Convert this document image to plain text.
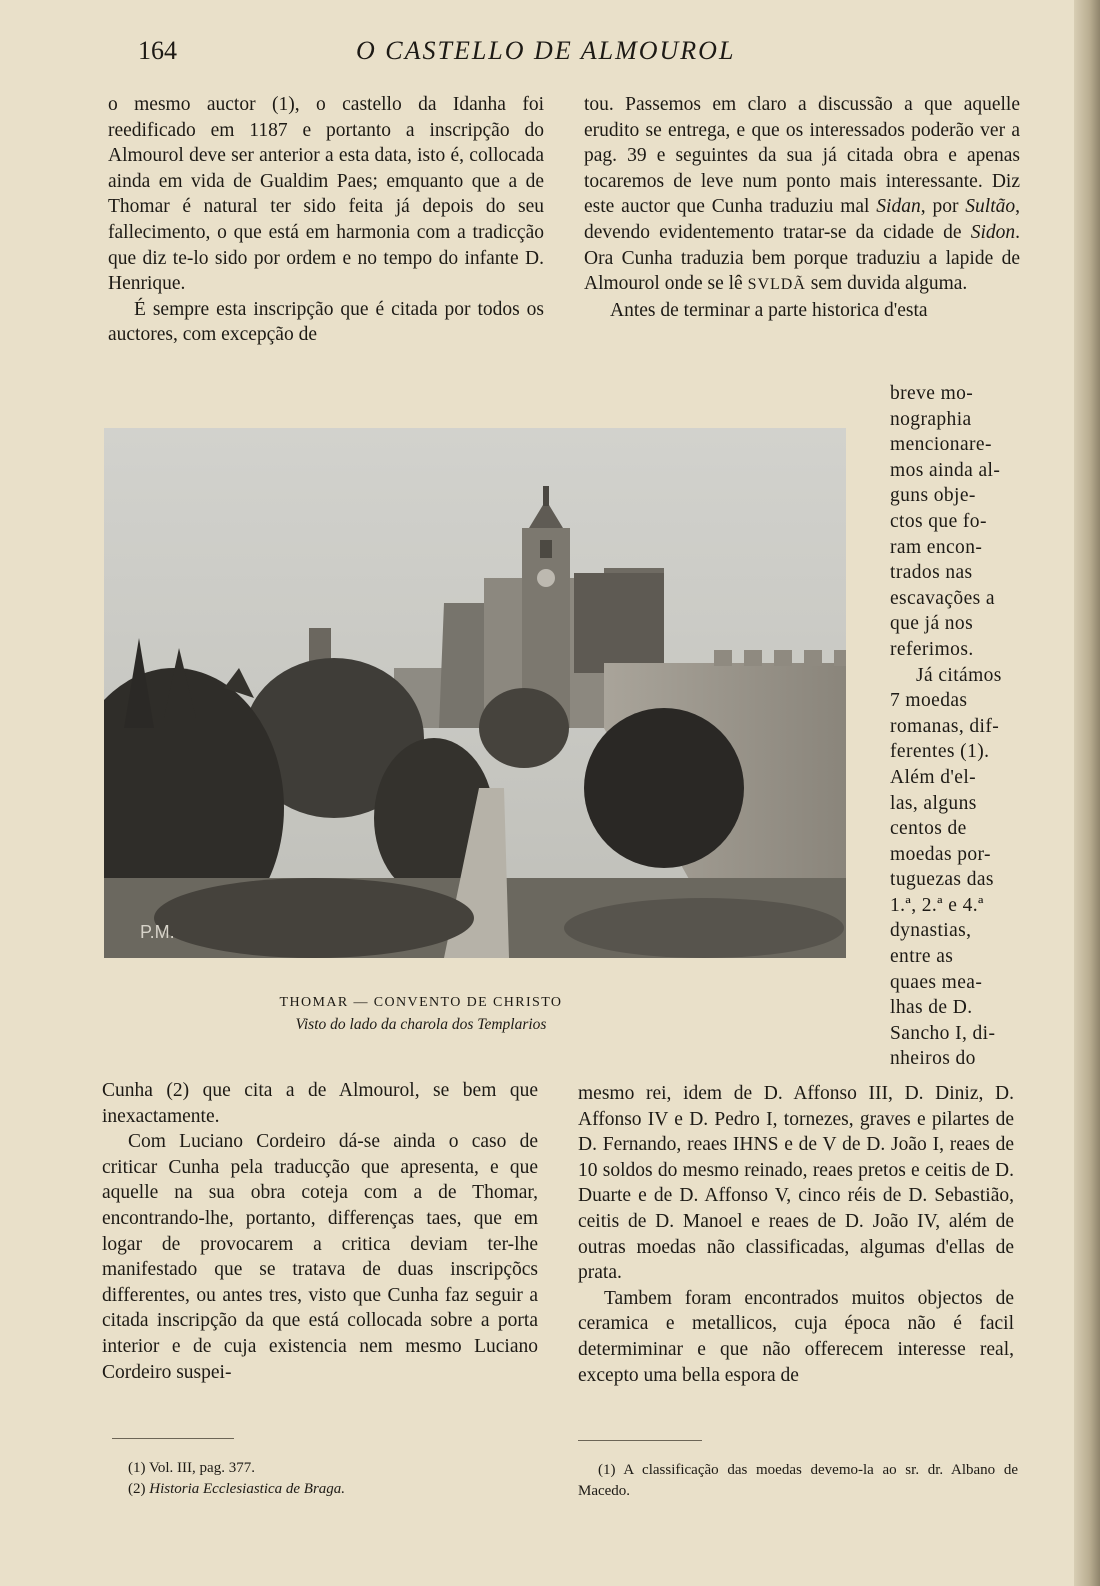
164	O CASTELLO DE ALMOUROL

o mesmo auctor (1), o castello da Idanha foi reedificado em 1187 e portanto a inscripção do Almourol deve ser anterior a esta data, isto é, collocada ainda em vida de Gualdim Paes; emquanto que a de Thomar é natural ter sido feita já depois do seu fallecimento, o que está em harmonia com a tradicção que diz te-lo sido por ordem e no tempo do infante D. Henrique.

É sempre esta inscripção que é citada por todos os auctores, com excepção de

tou. Passemos em claro a discussão a que aquelle erudito se entrega, e que os interessados poderão ver a pag. 39 e seguintes da sua já citada obra e apenas tocaremos de leve num ponto mais interessante. Diz este auctor que Cunha traduziu mal Sidan, por Sultão, devendo evidentemento tratar-se da cidade de Sidon. Ora Cunha traduzia bem porque traduziu a lapide de Almourol onde se lê SVLDÃ sem duvida alguma.

Antes de terminar a parte historica d'esta

breve mo-
nographia
mencionare-
mos ainda al-
guns obje-
ctos que fo-
ram encon-
trados nas
escavações a
que já nos
referimos.
Já citámos
7 moedas
romanas, dif-
ferentes (1).
Além d'el-
las, alguns
centos de
moedas por-
tuguezas das
1.ª, 2.ª e 4.ª
dynastias,
entre as
quaes mea-
lhas de D.
Sancho I, di-
nheiros do
P.M.
THOMAR — CONVENTO DE CHRISTO
Visto do lado da charola dos Templarios

Cunha (2) que cita a de Almourol, se bem que inexactamente.

Com Luciano Cordeiro dá-se ainda o caso de criticar Cunha pela traducção que apresenta, e que aquelle na sua obra coteja com a de Thomar, encontrando-lhe, portanto, differenças taes, que em logar de provocarem a critica deviam ter-lhe manifestado que se tratava de duas inscripçõcs differentes, ou antes tres, visto que Cunha faz seguir a citada inscripção da que está collocada sobre a porta interior e de cuja existencia nem mesmo Luciano Cordeiro suspei-

mesmo rei, idem de D. Affonso III, D. Diniz, D. Affonso IV e D. Pedro I, tornezes, graves e pilartes de D. Fernando, reaes IHNS e de V de D. João I, reaes de 10 soldos do mesmo reinado, reaes pretos e ceitis de D. Duarte e de D. Affonso V, cinco réis de D. Sebastião, ceitis de D. Manoel e reaes de D. João IV, além de outras moedas não classificadas, algumas d'ellas de prata.

Tambem foram encontrados muitos objectos de ceramica e metallicos, cuja época não é facil determiminar e que não offerecem interesse real, excepto uma bella espora de

(1) Vol. III, pag. 377.
(2) Historia Ecclesiastica de Braga.
(1) A classificação das moedas devemo-la ao sr. dr. Albano de Macedo.
